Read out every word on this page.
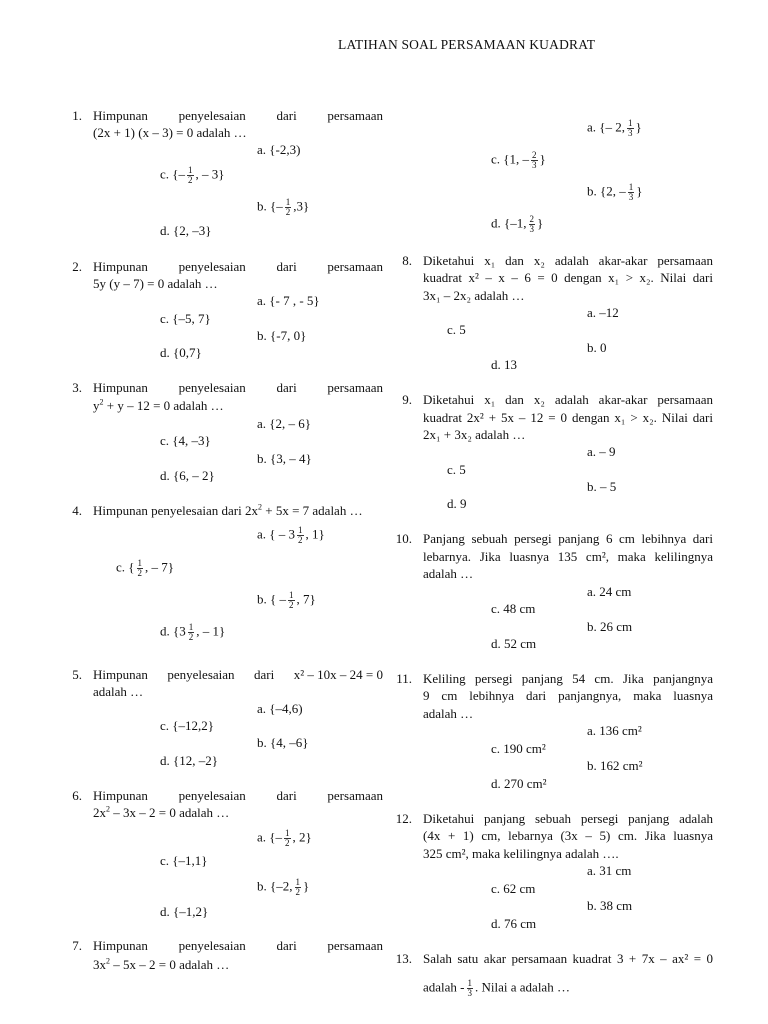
LATIHAN SOAL PERSAMAAN KUADRAT
1. Himpunan penyelesaian dari persamaan
(2x + 1) (x – 3) = 0 adalah …
a. {-2,3)
c. {– $\frac{1}{2}$ , – 3}
b. {– $\frac{1}{2} ,3$}
d. {2, –3}
2. Himpunan penyelesaian dari persamaan
5y (y – 7) = 0 adalah …
a. {- 7 , - 5}
c. {–5, 7}
b. {-7, 0}
d. {0,7}
3. Himpunan penyelesaian dari persamaan
$y^2 + y - 12 = 0$ adalah …
a. {2, – 6}
c. {4, –3}
b. {3, – 4}
d. {6, – 2}
4. Himpunan penyelesaian dari $2x^2 + 5x = 7$ adalah …
a. { – $3 \frac{1}{2}$ , 1}
c. { $\frac{1}{2}$ , – 7}
b. { – $\frac{1}{2}$ , 7}
d. {$3 \frac{1}{2}$ , – 1}
5. Himpunan penyelesaian dari x² – 10x – 24 = 0
adalah …
a. {–4,6)
c. {–12,2}
b. {4, –6}
d. {12, –2}
6. Himpunan penyelesaian dari persamaan
$2x^2 - 3x - 2 = 0$ adalah …
a. {– $\frac{1}{2}$ , 2}
c. {–1,1}
b. {–2, $\frac{1}{2}$ }
d. {–1,2}
7. Himpunan penyelesaian dari persamaan
$3x^2 - 5x - 2 = 0$ adalah …
a. {– 2, $\frac{1}{3}$ }
c. {1, – $\frac{2}{3}$ }
b. {2, – $\frac{1}{3}$ }
d. {–1, $\frac{2}{3}$ }
8. Diketahui x₁ dan x₂ adalah akar-akar persamaan
kuadrat x² – x – 6 = 0 dengan x₁ > x₂. Nilai dari
3x₁ – 2x₂ adalah …
a. –12
c. 5
b. 0
d. 13
9. Diketahui x₁ dan x₂ adalah akar-akar persamaan
kuadrat 2x² + 5x – 12 = 0 dengan x₁ > x₂. Nilai dari
2x₁ + 3x₂ adalah …
a. – 9
c. 5
b. – 5
d. 9
10. Panjang sebuah persegi panjang 6 cm lebihnya dari
lebarnya. Jika luasnya 135 cm², maka kelilingnya
adalah …
a. 24 cm
c. 48 cm
b. 26 cm
d. 52 cm
11. Keliling persegi panjang 54 cm. Jika panjangnya
9 cm lebihnya dari panjangnya, maka luasnya
adalah …
a. 136 cm²
c. 190 cm²
b. 162 cm²
d. 270 cm²
12. Diketahui panjang sebuah persegi panjang adalah
(4x + 1) cm, lebarnya (3x – 5) cm. Jika luasnya
325 cm², maka kelilingnya adalah ….
a. 31 cm
c. 62 cm
b. 38 cm
d. 76 cm
13. Salah satu akar persamaan kuadrat 3 + 7x – ax² = 0
adalah - $\frac{1}{3}$ . Nilai a adalah …
